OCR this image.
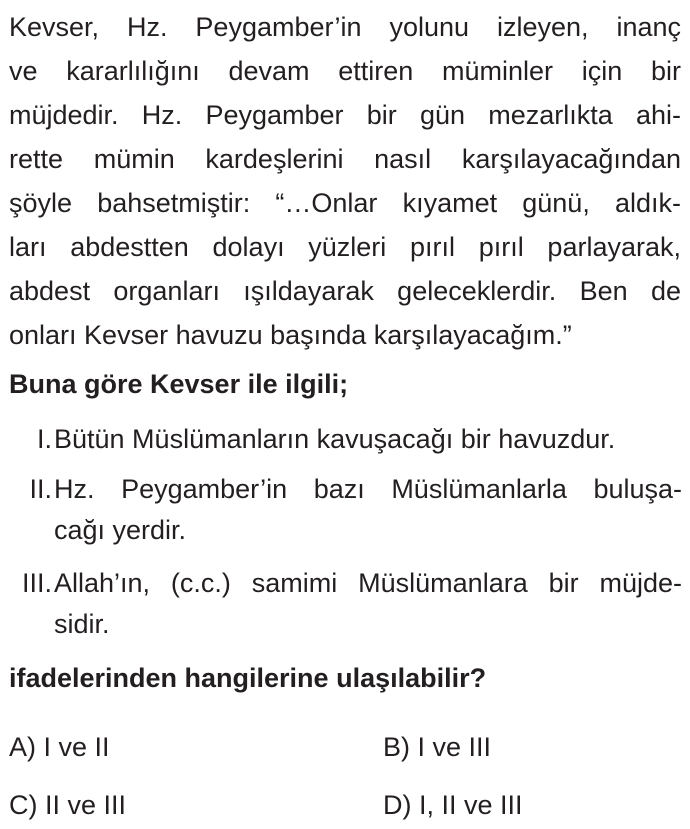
Kevser, Hz. Peygamber’in yolunu izleyen, inanç
ve kararlılığını devam ettiren müminler için bir
müjdedir. Hz. Peygamber bir gün mezarlıkta ahi-
rette mümin kardeşlerini nasıl karşılayacağından
şöyle bahsetmiştir: “…Onlar kıyamet günü, aldık-
ları abdestten dolayı yüzleri pırıl pırıl parlayarak,
abdest organları ışıldayarak geleceklerdir. Ben de
onları Kevser havuzu başında karşılayacağım.”
Buna göre Kevser ile ilgili;
I. Bütün Müslümanların kavuşacağı bir havuzdur.
II. Hz. Peygamber’in bazı Müslümanlarla buluşa-
cağı yerdir.
III. Allah’ın, (c.c.) samimi Müslümanlara bir müjde-
sidir.
ifadelerinden hangilerine ulaşılabilir?
A) I ve II	B) I ve III
C) II ve III	D) I, II ve III
